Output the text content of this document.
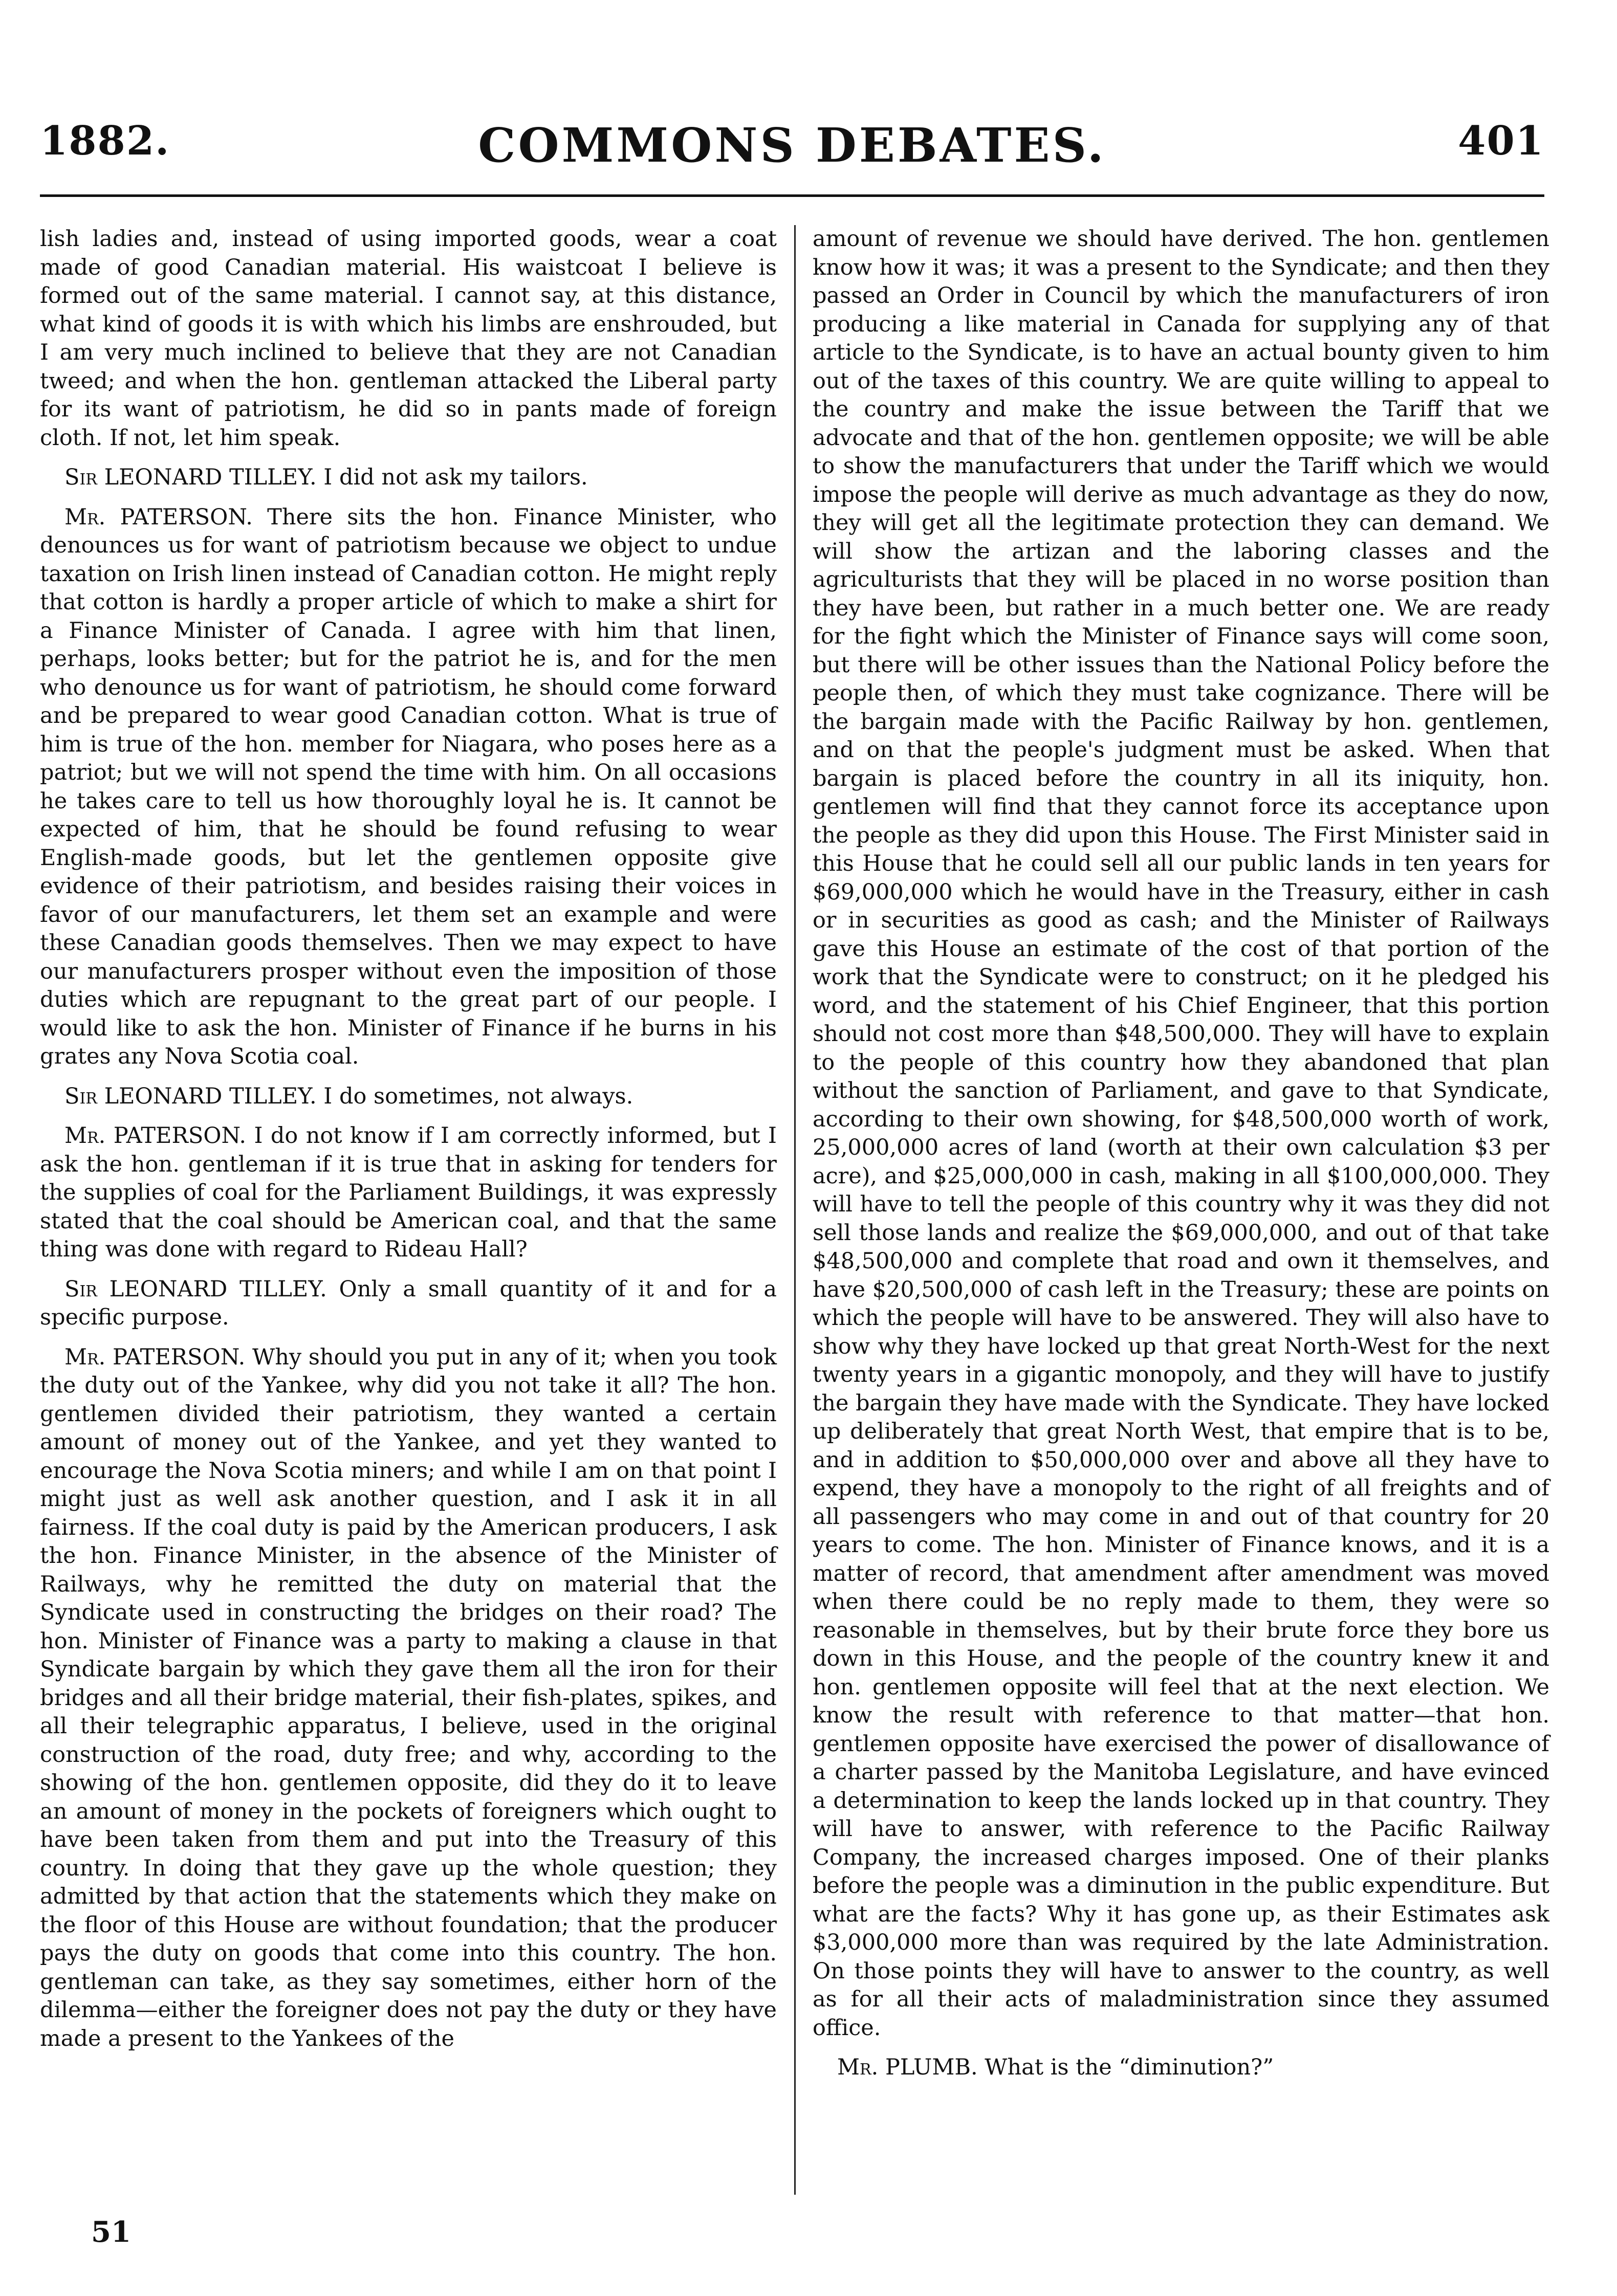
1882.	COMMONS DEBATES.	401

lish ladies and, instead of using imported goods, wear a coat made of good Canadian material. His waistcoat I believe is formed out of the same material. I cannot say, at this distance, what kind of goods it is with which his limbs are enshrouded, but I am very much inclined to believe that they are not Canadian tweed; and when the hon. gentleman attacked the Liberal party for its want of patriotism, he did so in pants made of foreign cloth. If not, let him speak.

Sir LEONARD TILLEY. I did not ask my tailors.

Mr. PATERSON. There sits the hon. Finance Minister, who denounces us for want of patriotism because we object to undue taxation on Irish linen instead of Canadian cotton. He might reply that cotton is hardly a proper article of which to make a shirt for a Finance Minister of Canada. I agree with him that linen, perhaps, looks better; but for the patriot he is, and for the men who denounce us for want of patriotism, he should come forward and be prepared to wear good Canadian cotton. What is true of him is true of the hon. member for Niagara, who poses here as a patriot; but we will not spend the time with him. On all occasions he takes care to tell us how thoroughly loyal he is. It cannot be expected of him, that he should be found refusing to wear English-made goods, but let the gentlemen opposite give evidence of their patriotism, and besides raising their voices in favor of our manufacturers, let them set an example and were these Canadian goods themselves. Then we may expect to have our manufacturers prosper without even the imposition of those duties which are repugnant to the great part of our people. I would like to ask the hon. Minister of Finance if he burns in his grates any Nova Scotia coal.

Sir LEONARD TILLEY. I do sometimes, not always.

Mr. PATERSON. I do not know if I am correctly informed, but I ask the hon. gentleman if it is true that in asking for tenders for the supplies of coal for the Parliament Buildings, it was expressly stated that the coal should be American coal, and that the same thing was done with regard to Rideau Hall?

Sir LEONARD TILLEY. Only a small quantity of it and for a specific purpose.

Mr. PATERSON. Why should you put in any of it; when you took the duty out of the Yankee, why did you not take it all? The hon. gentlemen divided their patriotism, they wanted a certain amount of money out of the Yankee, and yet they wanted to encourage the Nova Scotia miners; and while I am on that point I might just as well ask another question, and I ask it in all fairness. If the coal duty is paid by the American producers, I ask the hon. Finance Minister, in the absence of the Minister of Railways, why he remitted the duty on material that the Syndicate used in constructing the bridges on their road? The hon. Minister of Finance was a party to making a clause in that Syndicate bargain by which they gave them all the iron for their bridges and all their bridge material, their fish-plates, spikes, and all their telegraphic apparatus, I believe, used in the original construction of the road, duty free; and why, according to the showing of the hon. gentlemen opposite, did they do it to leave an amount of money in the pockets of foreigners which ought to have been taken from them and put into the Treasury of this country. In doing that they gave up the whole question; they admitted by that action that the statements which they make on the floor of this House are without foundation; that the producer pays the duty on goods that come into this country. The hon. gentleman can take, as they say sometimes, either horn of the dilemma—either the foreigner does not pay the duty or they have made a present to the Yankees of the

amount of revenue we should have derived. The hon. gentlemen know how it was; it was a present to the Syndicate; and then they passed an Order in Council by which the manufacturers of iron producing a like material in Canada for supplying any of that article to the Syndicate, is to have an actual bounty given to him out of the taxes of this country. We are quite willing to appeal to the country and make the issue between the Tariff that we advocate and that of the hon. gentlemen opposite; we will be able to show the manufacturers that under the Tariff which we would impose the people will derive as much advantage as they do now, they will get all the legitimate protection they can demand. We will show the artizan and the laboring classes and the agriculturists that they will be placed in no worse position than they have been, but rather in a much better one. We are ready for the fight which the Minister of Finance says will come soon, but there will be other issues than the National Policy before the people then, of which they must take cognizance. There will be the bargain made with the Pacific Railway by hon. gentlemen, and on that the people's judgment must be asked. When that bargain is placed before the country in all its iniquity, hon. gentlemen will find that they cannot force its acceptance upon the people as they did upon this House. The First Minister said in this House that he could sell all our public lands in ten years for $69,000,000 which he would have in the Treasury, either in cash or in securities as good as cash; and the Minister of Railways gave this House an estimate of the cost of that portion of the work that the Syndicate were to construct; on it he pledged his word, and the statement of his Chief Engineer, that this portion should not cost more than $48,500,000. They will have to explain to the people of this country how they abandoned that plan without the sanction of Parliament, and gave to that Syndicate, according to their own showing, for $48,500,000 worth of work, 25,000,000 acres of land (worth at their own calculation $3 per acre), and $25,000,000 in cash, making in all $100,000,000. They will have to tell the people of this country why it was they did not sell those lands and realize the $69,000,000, and out of that take $48,500,000 and complete that road and own it themselves, and have $20,500,000 of cash left in the Treasury; these are points on which the people will have to be answered. They will also have to show why they have locked up that great North-West for the next twenty years in a gigantic monopoly, and they will have to justify the bargain they have made with the Syndicate. They have locked up deliberately that great North West, that empire that is to be, and in addition to $50,000,000 over and above all they have to expend, they have a monopoly to the right of all freights and of all passengers who may come in and out of that country for 20 years to come. The hon. Minister of Finance knows, and it is a matter of record, that amendment after amendment was moved when there could be no reply made to them, they were so reasonable in themselves, but by their brute force they bore us down in this House, and the people of the country knew it and hon. gentlemen opposite will feel that at the next election. We know the result with reference to that matter—that hon. gentlemen opposite have exercised the power of disallowance of a charter passed by the Manitoba Legislature, and have evinced a determination to keep the lands locked up in that country. They will have to answer, with reference to the Pacific Railway Company, the increased charges imposed. One of their planks before the people was a diminution in the public expenditure. But what are the facts? Why it has gone up, as their Estimates ask $3,000,000 more than was required by the late Administration. On those points they will have to answer to the country, as well as for all their acts of maladministration since they assumed office.

Mr. PLUMB. What is the “diminution?”

51
